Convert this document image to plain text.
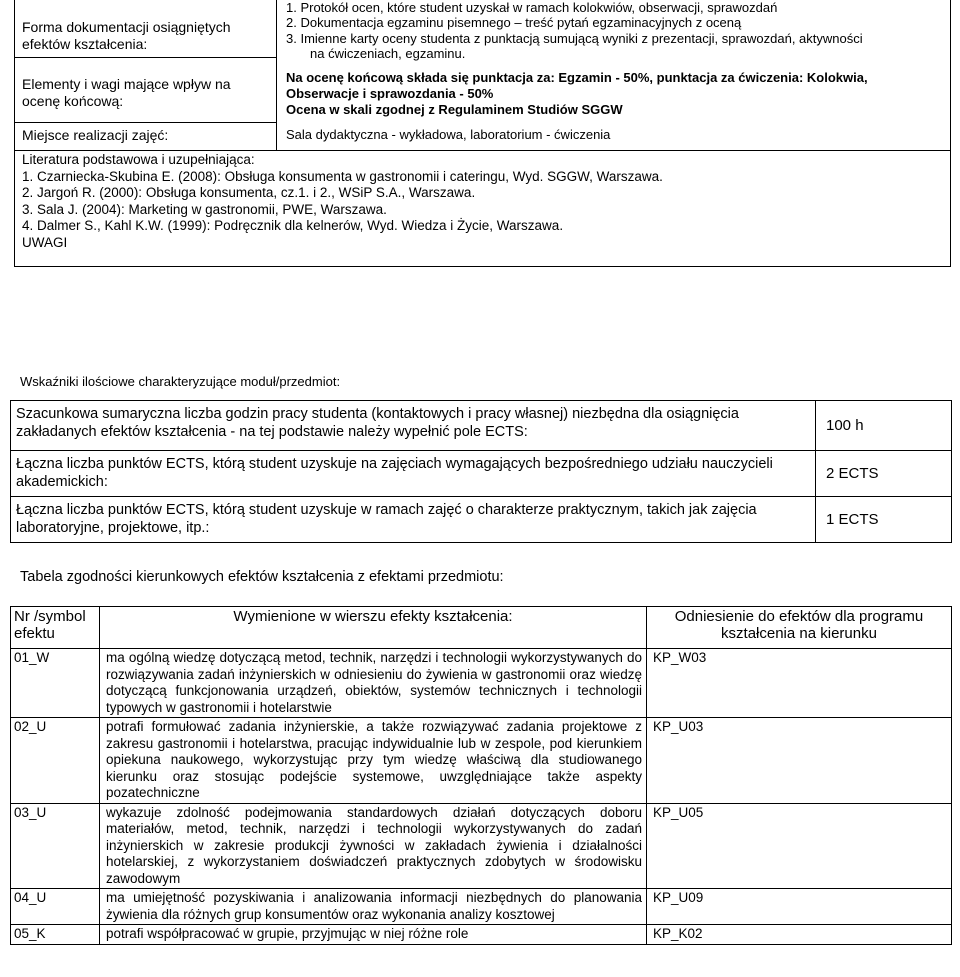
Forma dokumentacji osiągniętych efektów kształcenia:
1. Protokół ocen, które student uzyskał w ramach kolokwiów, obserwacji, sprawozdań
2. Dokumentacja egzaminu pisemnego – treść pytań egzaminacyjnych z oceną
3. Imienne karty oceny studenta z punktacją sumującą wyniki z prezentacji, sprawozdań, aktywności
na ćwiczeniach, egzaminu.
Elementy i wagi mające wpływ na ocenę końcową:
Na ocenę końcową składa się punktacja za: Egzamin - 50%, punktacja za ćwiczenia: Kolokwia,
Obserwacje i sprawozdania - 50%
Ocena w skali zgodnej z Regulaminem Studiów SGGW
Miejsce realizacji zajęć:	Sala dydaktyczna - wykładowa, laboratorium - ćwiczenia
Literatura podstawowa i uzupełniająca:
1. Czarniecka-Skubina E. (2008): Obsługa konsumenta w gastronomii i cateringu, Wyd. SGGW, Warszawa.
2. Jargoń R. (2000): Obsługa konsumenta, cz.1. i 2., WSiP S.A., Warszawa.
3. Sala J. (2004): Marketing w gastronomii, PWE, Warszawa.
4. Dalmer S., Kahl K.W. (1999): Podręcznik dla kelnerów, Wyd. Wiedza i Życie, Warszawa.
UWAGI
Wskaźniki ilościowe charakteryzujące moduł/przedmiot:
Szacunkowa sumaryczna liczba godzin pracy studenta (kontaktowych i pracy własnej) niezbędna dla osiągnięcia zakładanych efektów kształcenia - na tej podstawie należy wypełnić pole ECTS:	100 h
Łączna liczba punktów ECTS, którą student uzyskuje na zajęciach wymagających bezpośredniego udziału nauczycieli akademickich:	2 ECTS
Łączna liczba punktów ECTS, którą student uzyskuje w ramach zajęć o charakterze praktycznym, takich jak zajęcia laboratoryjne, projektowe, itp.:	1 ECTS
Tabela zgodności kierunkowych efektów kształcenia z efektami przedmiotu:
Nr /symbol efektu	Wymienione w wierszu efekty kształcenia:	Odniesienie do efektów dla programu kształcenia na kierunku
01_W	ma ogólną wiedzę dotyczącą metod, technik, narzędzi i technologii wykorzystywanych do rozwiązywania zadań inżynierskich w odniesieniu do żywienia w gastronomii oraz wiedzę dotyczącą funkcjonowania urządzeń, obiektów, systemów technicznych i technologii typowych w gastronomii i hotelarstwie	KP_W03
02_U	potrafi formułować zadania inżynierskie, a także rozwiązywać zadania projektowe z zakresu gastronomii i hotelarstwa, pracując indywidualnie lub w zespole, pod kierunkiem opiekuna naukowego, wykorzystując przy tym wiedzę właściwą dla studiowanego kierunku oraz stosując podejście systemowe, uwzględniające także aspekty pozatechniczne	KP_U03
03_U	wykazuje zdolność podejmowania standardowych działań dotyczących doboru materiałów, metod, technik, narzędzi i technologii wykorzystywanych do zadań inżynierskich w zakresie produkcji żywności w zakładach żywienia i działalności hotelarskiej, z wykorzystaniem doświadczeń praktycznych zdobytych w środowisku zawodowym	KP_U05
04_U	ma umiejętność pozyskiwania i analizowania informacji niezbędnych do planowania żywienia dla różnych grup konsumentów oraz wykonania analizy kosztowej	KP_U09
05_K	potrafi współpracować w grupie, przyjmując w niej różne role	KP_K02
